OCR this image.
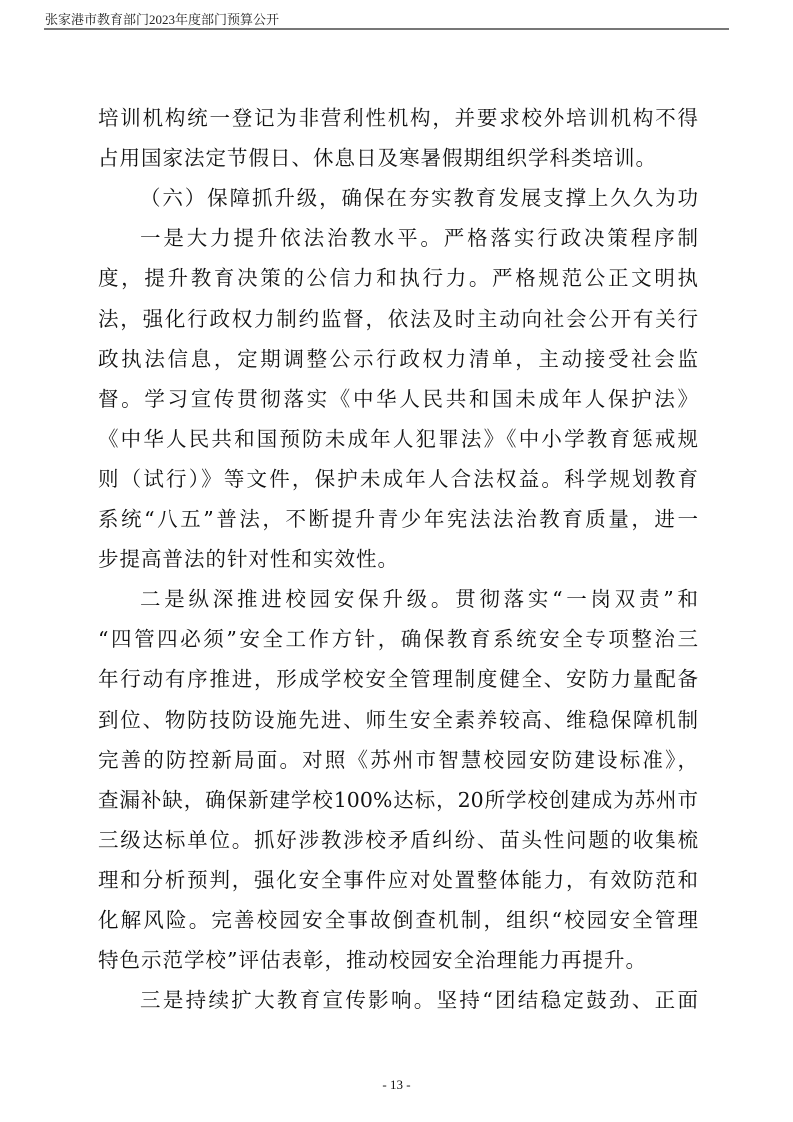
张家港市教育部门2023年度部门预算公开
培训机构统一登记为非营利性机构，并要求校外培训机构不得
占用国家法定节假日、休息日及寒暑假期组织学科类培训。
（六）保障抓升级，确保在夯实教育发展支撑上久久为功
一是大力提升依法治教水平。严格落实行政决策程序制
度，提升教育决策的公信力和执行力。严格规范公正文明执
法，强化行政权力制约监督，依法及时主动向社会公开有关行
政执法信息，定期调整公示行政权力清单，主动接受社会监
督。学习宣传贯彻落实《中华人民共和国未成年人保护法》
《中华人民共和国预防未成年人犯罪法》《中小学教育惩戒规
则（试行）》等文件，保护未成年人合法权益。科学规划教育
系统“八五”普法，不断提升青少年宪法法治教育质量，进一
步提高普法的针对性和实效性。
二是纵深推进校园安保升级。贯彻落实“一岗双责”和
“四管四必须”安全工作方针，确保教育系统安全专项整治三
年行动有序推进，形成学校安全管理制度健全、安防力量配备
到位、物防技防设施先进、师生安全素养较高、维稳保障机制
完善的防控新局面。对照《苏州市智慧校园安防建设标准》，
查漏补缺，确保新建学校100%达标，20所学校创建成为苏州市
三级达标单位。抓好涉教涉校矛盾纠纷、苗头性问题的收集梳
理和分析预判，强化安全事件应对处置整体能力，有效防范和
化解风险。完善校园安全事故倒查机制，组织“校园安全管理
特色示范学校”评估表彰，推动校园安全治理能力再提升。
三是持续扩大教育宣传影响。坚持“团结稳定鼓劲、正面
- 13 -
